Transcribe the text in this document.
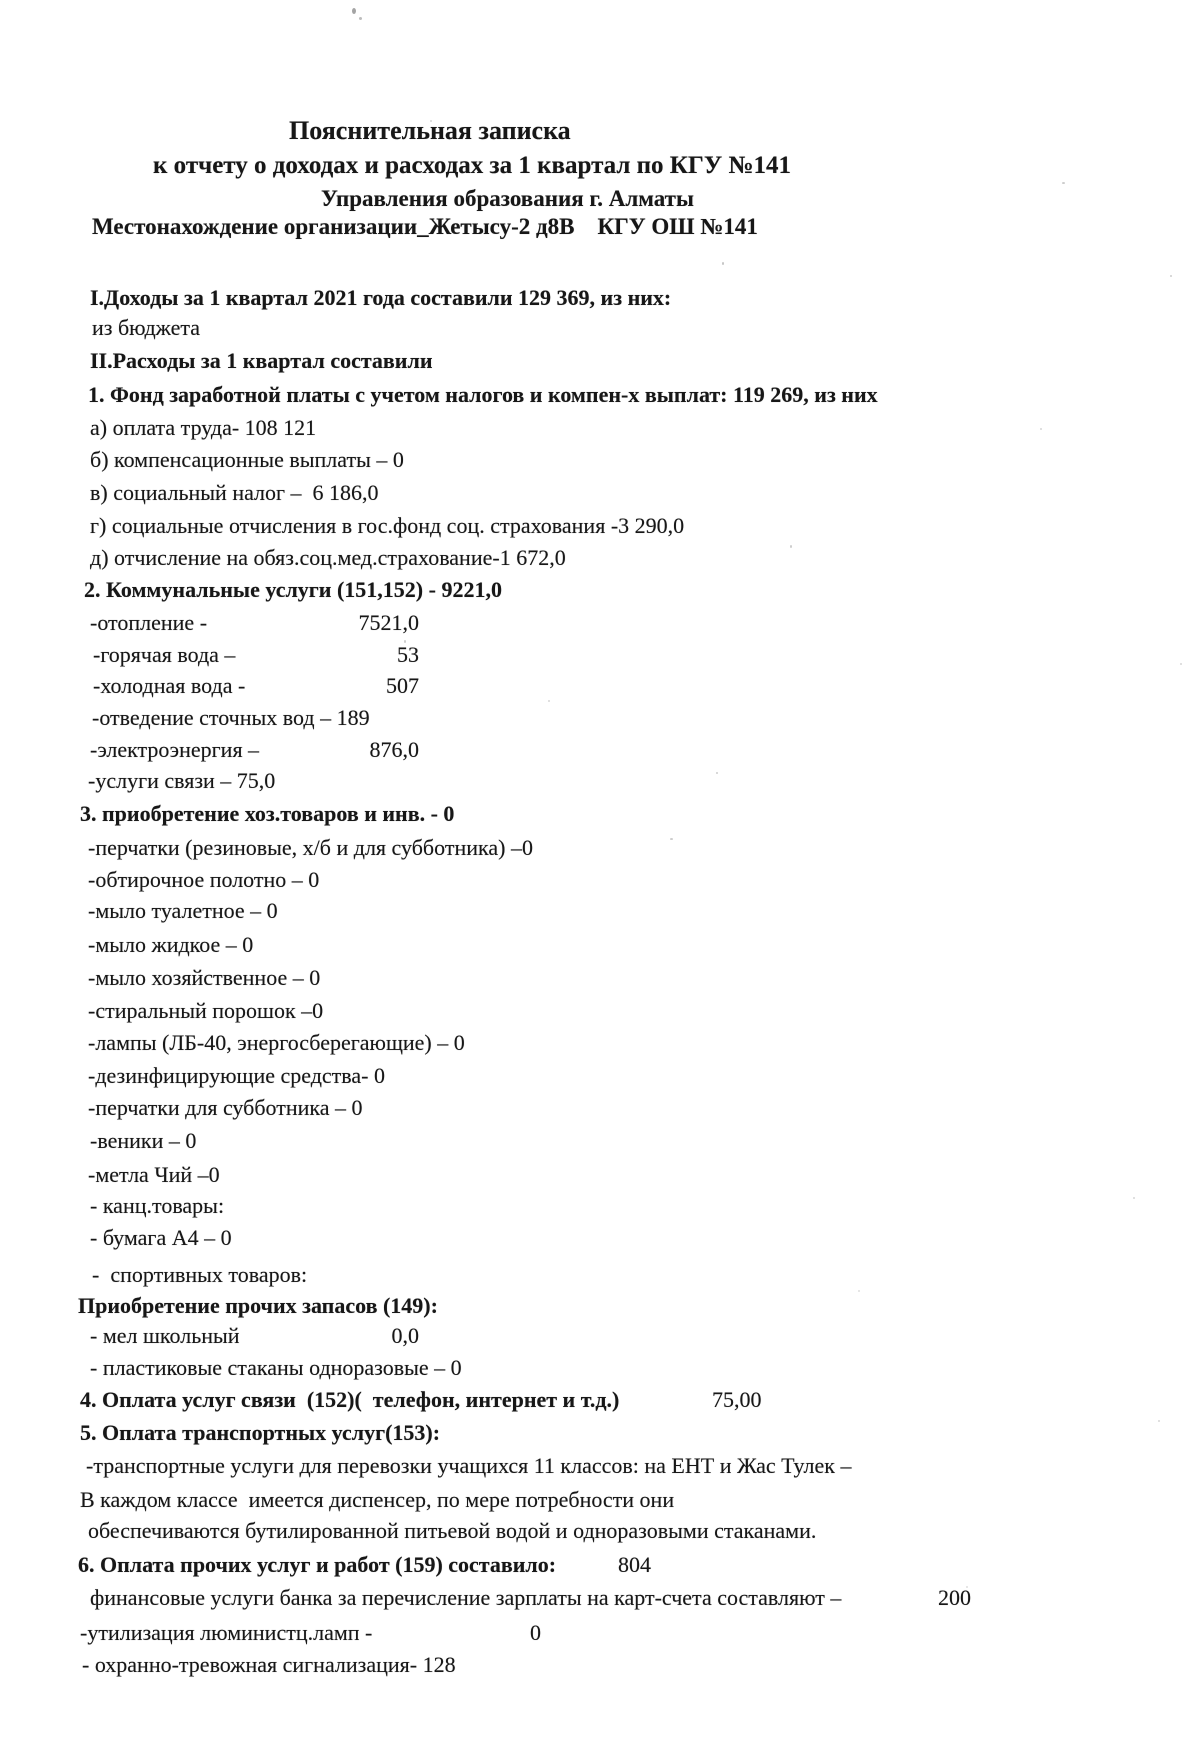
Пояснительная записка
к отчету о доходах и расходах за 1 квартал по КГУ №141
Управления образования г. Алматы
Местонахождение организации_Жетысу-2 д8В    КГУ ОШ №141
I.Доходы за 1 квартал 2021 года составили 129 369, из них:
из бюджета
II.Расходы за 1 квартал составили
1. Фонд заработной платы с учетом налогов и компен-х выплат: 119 269, из них
а) оплата труда- 108 121
б) компенсационные выплаты – 0
в) социальный налог –  6 186,0
г) социальные отчисления в гос.фонд соц. страхования -3 290,0
д) отчисление на обяз.соц.мед.страхование-1 672,0
2. Коммунальные услуги (151,152) - 9221,0
-отопление -	7521,0
-горячая вода –	53
-холодная вода -	507
-отведение сточных вод – 189
-электроэнергия –	876,0
-услуги связи – 75,0
3. приобретение хоз.товаров и инв. - 0
-перчатки (резиновые, х/б и для субботника) –0
-обтирочное полотно – 0
-мыло туалетное – 0
-мыло жидкое – 0
-мыло хозяйственное – 0
-стиральный порошок –0
-лампы (ЛБ-40, энергосберегающие) – 0
-дезинфицирующие средства- 0
-перчатки для субботника – 0
-веники – 0
-метла Чий –0
- канц.товары:
- бумага А4 – 0
-  спортивных товаров:
Приобретение прочих запасов (149):
- мел школьный	0,0
- пластиковые стаканы одноразовые – 0
4. Оплата услуг связи  (152)(  телефон, интернет и т.д.)	75,00
5. Оплата транспортных услуг(153):
-транспортные услуги для перевозки учащихся 11 классов: на ЕНТ и Жас Тулек –
В каждом классе  имеется диспенсер, по мере потребности они
обеспечиваются бутилированной питьевой водой и одноразовыми стаканами.
6. Оплата прочих услуг и работ (159) составило:	804
финансовые услуги банка за перечисление зарплаты на карт-счета составляют –	200
-утилизация люминистц.ламп -	0
- охранно-тревожная сигнализация- 128
